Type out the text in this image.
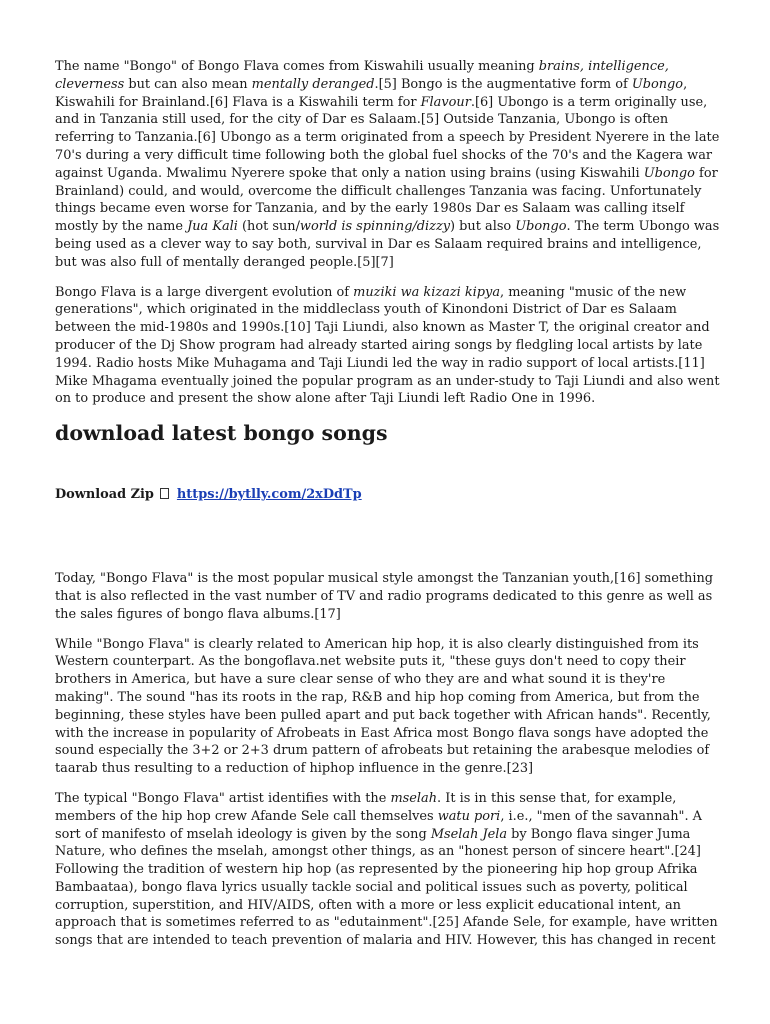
The name "Bongo" of Bongo Flava comes from Kiswahili usually meaning brains, intelligence, cleverness but can also mean mentally deranged.[5] Bongo is the augmentative form of Ubongo, Kiswahili for Brainland.[6] Flava is a Kiswahili term for Flavour.[6] Ubongo is a term originally use, and in Tanzania still used, for the city of Dar es Salaam.[5] Outside Tanzania, Ubongo is often referring to Tanzania.[6] Ubongo as a term originated from a speech by President Nyerere in the late 70's during a very difficult time following both the global fuel shocks of the 70's and the Kagera war against Uganda. Mwalimu Nyerere spoke that only a nation using brains (using Kiswahili Ubongo for Brainland) could, and would, overcome the difficult challenges Tanzania was facing. Unfortunately things became even worse for Tanzania, and by the early 1980s Dar es Salaam was calling itself mostly by the name Jua Kali (hot sun/world is spinning/dizzy) but also Ubongo. The term Ubongo was being used as a clever way to say both, survival in Dar es Salaam required brains and intelligence, but was also full of mentally deranged people.[5][7]

Bongo Flava is a large divergent evolution of muziki wa kizazi kipya, meaning "music of the new generations", which originated in the middleclass youth of Kinondoni District of Dar es Salaam between the mid-1980s and 1990s.[10] Taji Liundi, also known as Master T, the original creator and producer of the Dj Show program had already started airing songs by fledgling local artists by late 1994. Radio hosts Mike Muhagama and Taji Liundi led the way in radio support of local artists.[11] Mike Mhagama eventually joined the popular program as an under-study to Taji Liundi and also went on to produce and present the show alone after Taji Liundi left Radio One in 1996.

download latest bongo songs

Download Zip https://bytlly.com/2xDdTp

Today, "Bongo Flava" is the most popular musical style amongst the Tanzanian youth,[16] something that is also reflected in the vast number of TV and radio programs dedicated to this genre as well as the sales figures of bongo flava albums.[17]

While "Bongo Flava" is clearly related to American hip hop, it is also clearly distinguished from its Western counterpart. As the bongoflava.net website puts it, "these guys don't need to copy their brothers in America, but have a sure clear sense of who they are and what sound it is they're making". The sound "has its roots in the rap, R&B and hip hop coming from America, but from the beginning, these styles have been pulled apart and put back together with African hands". Recently, with the increase in popularity of Afrobeats in East Africa most Bongo flava songs have adopted the sound especially the 3+2 or 2+3 drum pattern of afrobeats but retaining the arabesque melodies of taarab thus resulting to a reduction of hiphop influence in the genre.[23]

The typical "Bongo Flava" artist identifies with the mselah. It is in this sense that, for example, members of the hip hop crew Afande Sele call themselves watu pori, i.e., "men of the savannah". A sort of manifesto of mselah ideology is given by the song Mselah Jela by Bongo flava singer Juma Nature, who defines the mselah, amongst other things, as an "honest person of sincere heart".[24] Following the tradition of western hip hop (as represented by the pioneering hip hop group Afrika Bambaataa), bongo flava lyrics usually tackle social and political issues such as poverty, political corruption, superstition, and HIV/AIDS, often with a more or less explicit educational intent, an approach that is sometimes referred to as "edutainment".[25] Afande Sele, for example, have written songs that are intended to teach prevention of malaria and HIV. However, this has changed in recent
